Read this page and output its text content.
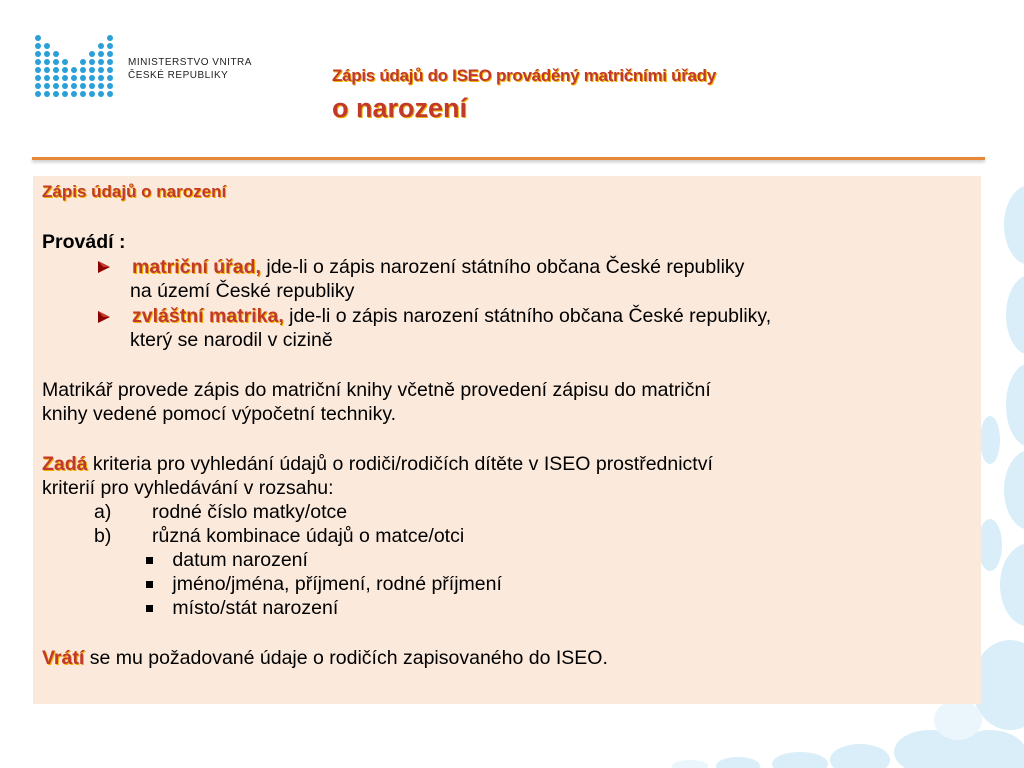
MINISTERSTVO VNITRA
ČESKÉ REPUBLIKY	Zápis údajů do ISEO prováděný matričními úřady
o narození
Zápis údajů o narození
Provádí :
matriční úřad, jde-li o zápis narození státního občana České republiky
na území České republiky
zvláštní matrika, jde-li o zápis narození státního občana České republiky,
který se narodil v cizině
Matrikář provede zápis do matriční knihy včetně provedení zápisu do matriční
knihy vedené pomocí výpočetní techniky.
Zadá kriteria pro vyhledání údajů o rodiči/rodičích dítěte v ISEO prostřednictví
kriterií pro vyhledávání v rozsahu:
a) rodné číslo matky/otce
b) různá kombinace údajů o matce/otci
datum narození
jméno/jména, příjmení, rodné příjmení
místo/stát narození
Vrátí se mu požadované údaje o rodičích zapisovaného do ISEO.
